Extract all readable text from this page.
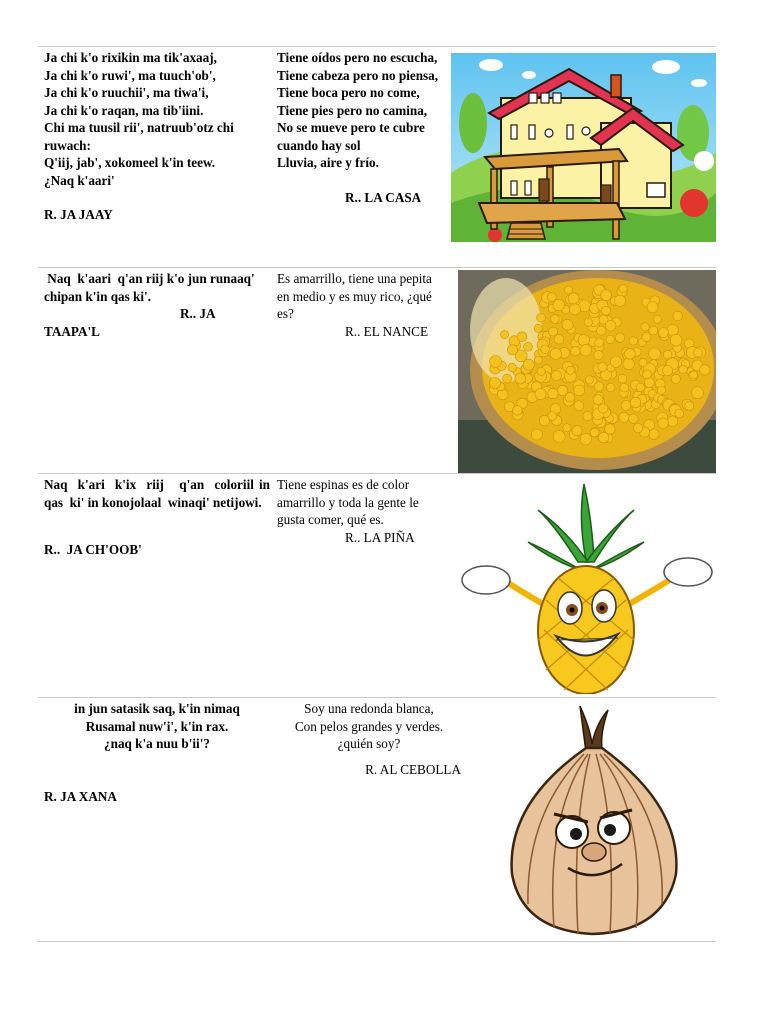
Ja chi k'o rixikin ma tik'axaaj,

Ja chi k'o ruwi', ma tuuch'ob',

Ja chi k'o ruuchii', ma tiwa'i,

Ja chi k'o raqan, ma tib'iini.

Chi ma tuusil rii', natruub'otz chi ruwach:

Q'iij, jab', xokomeel k'in teew.

¿Naq k'aari'

R. JA JAAY

Tiene oídos pero no escucha,

Tiene cabeza pero no piensa,

Tiene boca pero no come,

Tiene pies pero no camina,

No se mueve pero te cubre cuando hay sol

Lluvia, aire y frío.

R.. LA CASA

Naq  k'aari  q'an riij k'o jun runaaq' chipan k'in qas ki'.

R.. JA

TAAPA'L

Es amarrillo, tiene una pepita en medio y es muy rico, ¿qué es?

R.. EL NANCE

Naq  k'ari  k'ix  riij   q'an  coloriil in qas  ki' in konojolaal  winaqi' netijowi.

R..  JA CH'OOB'

Tiene espinas es de color amarrillo y toda la gente le gusta comer, qué es.

R.. LA PIÑA

in jun satasik saq, k'in nimaq

Rusamal nuw'i', k'in rax.

¿naq k'a nuu b'ii'?

R. JA XANA

Soy una redonda blanca,

Con pelos grandes y verdes.

¿quién soy?

R. AL CEBOLLA
